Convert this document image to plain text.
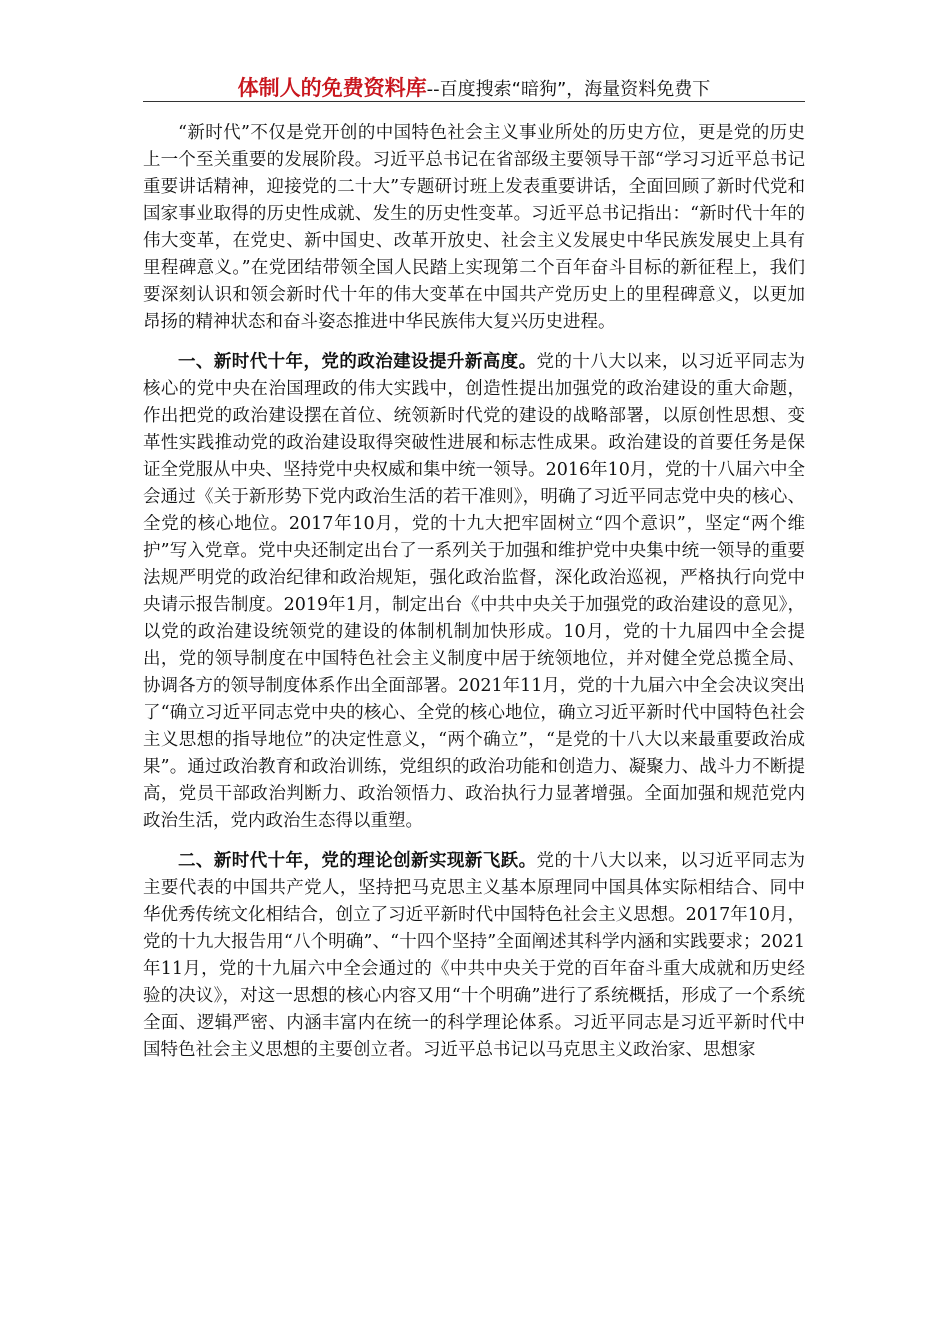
体制人的免费资料库--百度搜索“暗狗”，海量资料免费下

“新时代”不仅是党开创的中国特色社会主义事业所处的历史方位，更是党的历史上一个至关重要的发展阶段。习近平总书记在省部级主要领导干部“学习习近平总书记重要讲话精神，迎接党的二十大”专题研讨班上发表重要讲话，全面回顾了新时代党和国家事业取得的历史性成就、发生的历史性变革。习近平总书记指出：“新时代十年的伟大变革，在党史、新中国史、改革开放史、社会主义发展史中华民族发展史上具有里程碑意义。”在党团结带领全国人民踏上实现第二个百年奋斗目标的新征程上，我们要深刻认识和领会新时代十年的伟大变革在中国共产党历史上的里程碑意义，以更加昂扬的精神状态和奋斗姿态推进中华民族伟大复兴历史进程。

一、新时代十年，党的政治建设提升新高度。党的十八大以来，以习近平同志为核心的党中央在治国理政的伟大实践中，创造性提出加强党的政治建设的重大命题，作出把党的政治建设摆在首位、统领新时代党的建设的战略部署，以原创性思想、变革性实践推动党的政治建设取得突破性进展和标志性成果。政治建设的首要任务是保证全党服从中央、坚持党中央权威和集中统一领导。2016年10月，党的十八届六中全会通过《关于新形势下党内政治生活的若干准则》，明确了习近平同志党中央的核心、全党的核心地位。2017年10月，党的十九大把牢固树立“四个意识”，坚定“两个维护”写入党章。党中央还制定出台了一系列关于加强和维护党中央集中统一领导的重要法规严明党的政治纪律和政治规矩，强化政治监督，深化政治巡视，严格执行向党中央请示报告制度。2019年1月，制定出台《中共中央关于加强党的政治建设的意见》，以党的政治建设统领党的建设的体制机制加快形成。10月，党的十九届四中全会提出，党的领导制度在中国特色社会主义制度中居于统领地位，并对健全党总揽全局、协调各方的领导制度体系作出全面部署。2021年11月，党的十九届六中全会决议突出了“确立习近平同志党中央的核心、全党的核心地位，确立习近平新时代中国特色社会主义思想的指导地位”的决定性意义，“两个确立”，“是党的十八大以来最重要政治成果”。通过政治教育和政治训练，党组织的政治功能和创造力、凝聚力、战斗力不断提高，党员干部政治判断力、政治领悟力、政治执行力显著增强。全面加强和规范党内政治生活，党内政治生态得以重塑。

二、新时代十年，党的理论创新实现新飞跃。党的十八大以来，以习近平同志为主要代表的中国共产党人，坚持把马克思主义基本原理同中国具体实际相结合、同中华优秀传统文化相结合，创立了习近平新时代中国特色社会主义思想。2017年10月，党的十九大报告用“八个明确”、“十四个坚持”全面阐述其科学内涵和实践要求；2021年11月，党的十九届六中全会通过的《中共中央关于党的百年奋斗重大成就和历史经验的决议》，对这一思想的核心内容又用“十个明确”进行了系统概括，形成了一个系统全面、逻辑严密、内涵丰富内在统一的科学理论体系。习近平同志是习近平新时代中国特色社会主义思想的主要创立者。习近平总书记以马克思主义政治家、思想家
